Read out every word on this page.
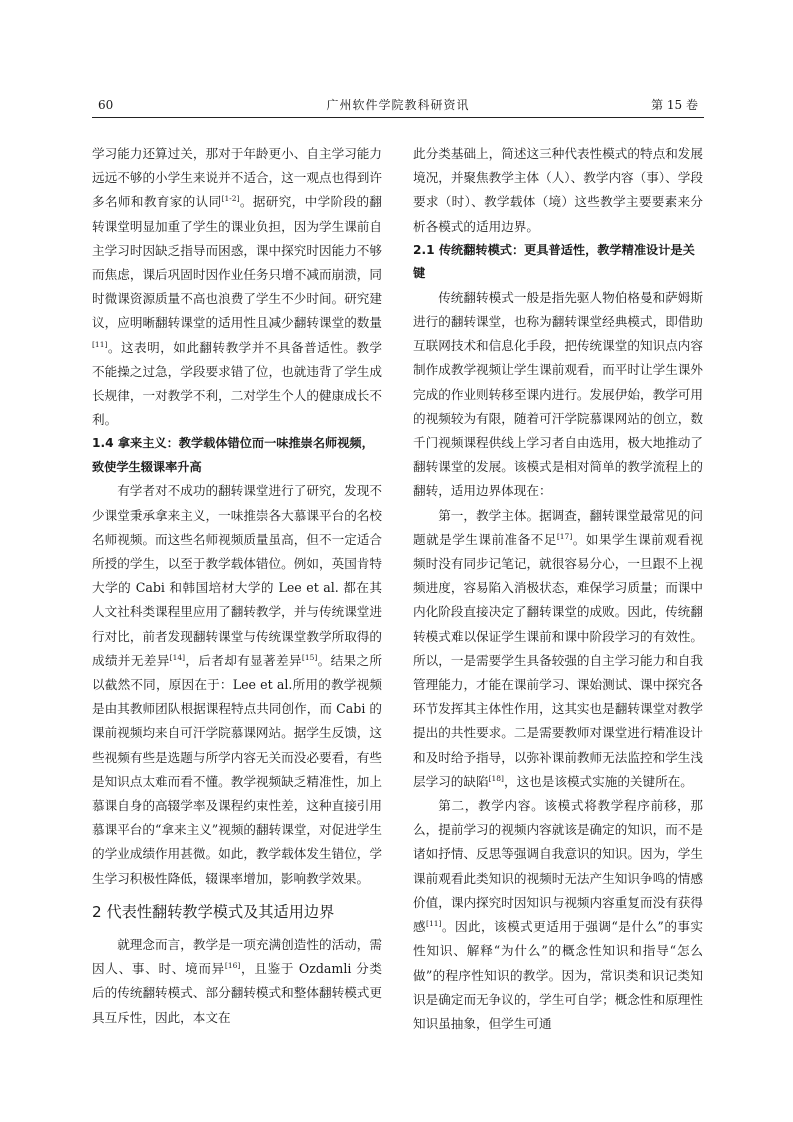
60	广州软件学院教科研资讯	第 15 卷

学习能力还算过关，那对于年龄更小、自主学习能力远远不够的小学生来说并不适合，这一观点也得到许多名师和教育家的认同[1-2]。据研究，中学阶段的翻转课堂明显加重了学生的课业负担，因为学生课前自主学习时因缺乏指导而困惑，课中探究时因能力不够而焦虑，课后巩固时因作业任务只增不减而崩溃，同时微课资源质量不高也浪费了学生不少时间。研究建议，应明晰翻转课堂的适用性且减少翻转课堂的数量[11]。这表明，如此翻转教学并不具备普适性。教学不能操之过急，学段要求错了位，也就违背了学生成长规律，一对教学不利，二对学生个人的健康成长不利。

1.4 拿来主义：教学载体错位而一味推崇名师视频，致使学生辍课率升高

有学者对不成功的翻转课堂进行了研究，发现不少课堂秉承拿来主义，一味推崇各大慕课平台的名校名师视频。而这些名师视频质量虽高，但不一定适合所授的学生，以至于教学载体错位。例如，英国肯特大学的 Cabi 和韩国培材大学的 Lee et al. 都在其人文社科类课程里应用了翻转教学，并与传统课堂进行对比，前者发现翻转课堂与传统课堂教学所取得的成绩并无差异[14]，后者却有显著差异[15]。结果之所以截然不同，原因在于：Lee et al.所用的教学视频是由其教师团队根据课程特点共同创作，而 Cabi 的课前视频均来自可汗学院慕课网站。据学生反馈，这些视频有些是选题与所学内容无关而没必要看，有些是知识点太难而看不懂。教学视频缺乏精准性，加上慕课自身的高辍学率及课程约束性差，这种直接引用慕课平台的“拿来主义”视频的翻转课堂，对促进学生的学业成绩作用甚微。如此，教学载体发生错位，学生学习积极性降低，辍课率增加，影响教学效果。

2 代表性翻转教学模式及其适用边界

就理念而言，教学是一项充满创造性的活动，需因人、事、时、境而异[16]，且鉴于 Ozdamli 分类后的传统翻转模式、部分翻转模式和整体翻转模式更具互斥性，因此，本文在

此分类基础上，简述这三种代表性模式的特点和发展境况，并聚焦教学主体（人）、教学内容（事）、学段要求（时）、教学载体（境）这些教学主要要素来分析各模式的适用边界。

2.1 传统翻转模式：更具普适性，教学精准设计是关键

传统翻转模式一般是指先驱人物伯格曼和萨姆斯进行的翻转课堂，也称为翻转课堂经典模式，即借助互联网技术和信息化手段，把传统课堂的知识点内容制作成教学视频让学生课前观看，而平时让学生课外完成的作业则转移至课内进行。发展伊始，教学可用的视频较为有限，随着可汗学院慕课网站的创立，数千门视频课程供线上学习者自由选用，极大地推动了翻转课堂的发展。该模式是相对简单的教学流程上的翻转，适用边界体现在：

第一，教学主体。据调查，翻转课堂最常见的问题就是学生课前准备不足[17]。如果学生课前观看视频时没有同步记笔记，就很容易分心，一旦跟不上视频进度，容易陷入消极状态，难保学习质量；而课中内化阶段直接决定了翻转课堂的成败。因此，传统翻转模式难以保证学生课前和课中阶段学习的有效性。所以，一是需要学生具备较强的自主学习能力和自我管理能力，才能在课前学习、课始测试、课中探究各环节发挥其主体性作用，这其实也是翻转课堂对教学提出的共性要求。二是需要教师对课堂进行精准设计和及时给予指导，以弥补课前教师无法监控和学生浅层学习的缺陷[18]，这也是该模式实施的关键所在。

第二，教学内容。该模式将教学程序前移，那么，提前学习的视频内容就该是确定的知识，而不是诸如抒情、反思等强调自我意识的知识。因为，学生课前观看此类知识的视频时无法产生知识争鸣的情感价值，课内探究时因知识与视频内容重复而没有获得感[11]。因此，该模式更适用于强调“是什么”的事实性知识、解释“为什么”的概念性知识和指导“怎么做”的程序性知识的教学。因为，常识类和识记类知识是确定而无争议的，学生可自学；概念性和原理性知识虽抽象，但学生可通
